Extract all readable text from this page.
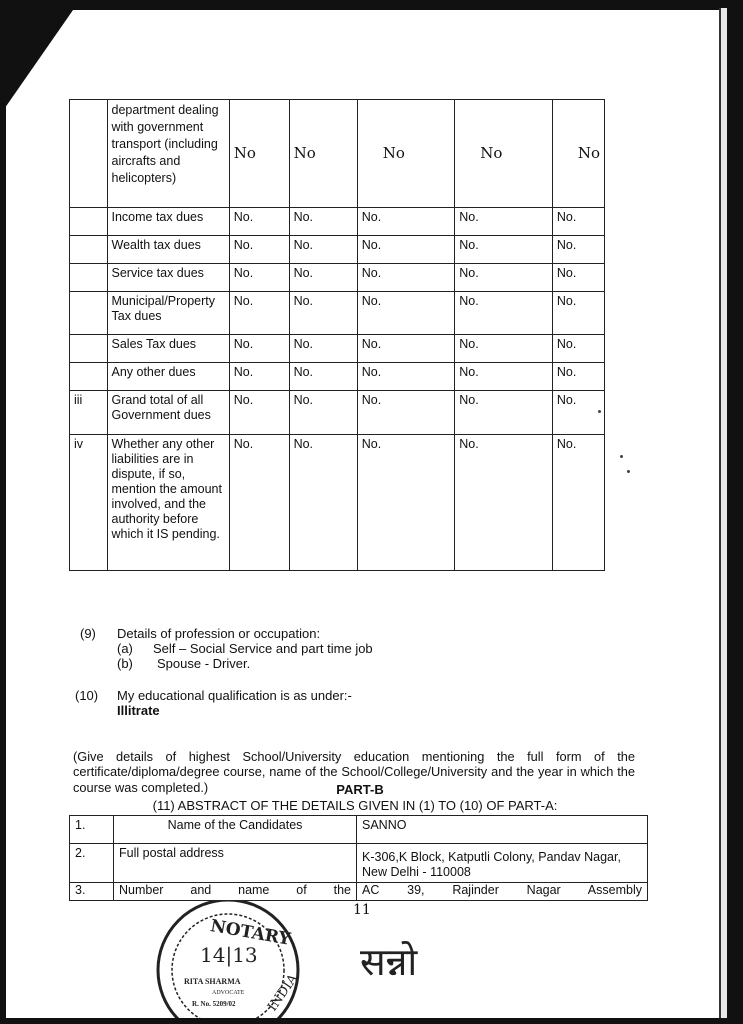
	department dealing with government transport (including aircrafts and helicopters)	No	No	No	No	No
	Income tax dues	No.	No.	No.	No.	No.
	Wealth tax dues	No.	No.	No.	No.	No.
	Service tax dues	No.	No.	No.	No.	No.
	Municipal/Property Tax dues	No.	No.	No.	No.	No.
	Sales Tax dues	No.	No.	No.	No.	No.
	Any other dues	No.	No.	No.	No.	No.
iii	Grand total of all Government dues	No.	No.	No.	No.	No.
iv	Whether any other liabilities are in dispute, if so, mention the amount involved, and the authority before which it IS pending.	No.	No.	No.	No.	No.
(9) Details of profession or occupation:
(a) Self – Social Service and part time job
(b) Spouse - Driver.
(10) My educational qualification is as under:-
Illitrate

(Give details of highest School/University education mentioning the full form of the certificate/diploma/degree course, name of the School/College/University and the year in which the course was completed.)	PART-B
(11) ABSTRACT OF THE DETAILS GIVEN IN (1) TO (10) OF PART-A:
1.	Name of the Candidates	SANNO
2.	Full postal address	K-306,K Block, Katputli Colony, Pandav Nagar, New Delhi - 110008
3.	Number and name of the	AC 39, Rajinder Nagar Assembly
11
NOTARY
14|13
RITA SHARMA
ADVOCATE
R. No. 5209/02 INDIA
सन्नो
